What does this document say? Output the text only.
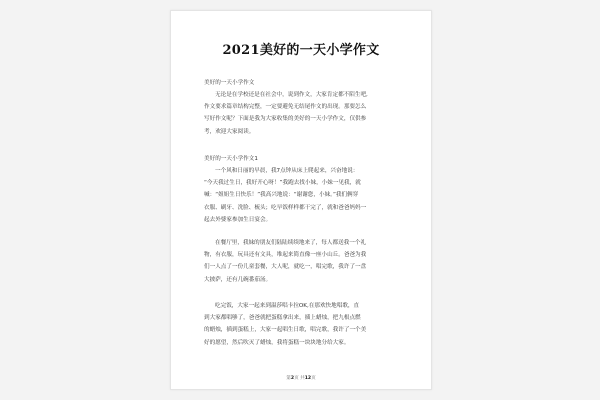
2021美好的一天小学作文
美好的一天小学作文
无论是在学校还是在社会中，说到作文，大家肯定都不陌生吧,
作文要求篇章结构完整，一定要避免无结尾作文的出现。那要怎么
写好作文呢？下面是我为大家收集的美好的一天小学作文，仅供参
考，欢迎大家阅读。
美好的一天小学作文1
一个风和日丽的早晨，我7点钟从床上爬起来，兴奋地说：
“今天我过生日，我好开心呀！”我跑去找小妹，小妹一见我，就
喊：“姐姐生日快乐！”我高兴地说：“谢谢您，小妹。”我们俩穿
衣服、刷牙、洗脸、梳头；吃早饭样样都干完了，就和爸爸妈妈一
起去外婆家参加生日宴会。
在餐厅里，我妹的朋友们陆陆续续地来了，每人都送我一个礼
物，有衣服，玩具还有文具，堆起来简直像一座小山丘。爸爸为我
们一人点了一份儿童套餐，大人呢，就吃一，唱完歌，我许了一盘
大披萨，还有几碗番茄汤。
吃完饭，大家一起来到温莎唱卡拉OK,在那欢快地唱歌，直
到大家都唱够了，爸爸就把蛋糕拿出来，插上蜡烛，把九根点燃
的蜡烛，插到蛋糕上，大家一起唱生日歌，唱完歌，我许了一个美
好的愿望，然后吹灭了蜡烛，我将蛋糕一块块地分给大家。
第2页 共12页
